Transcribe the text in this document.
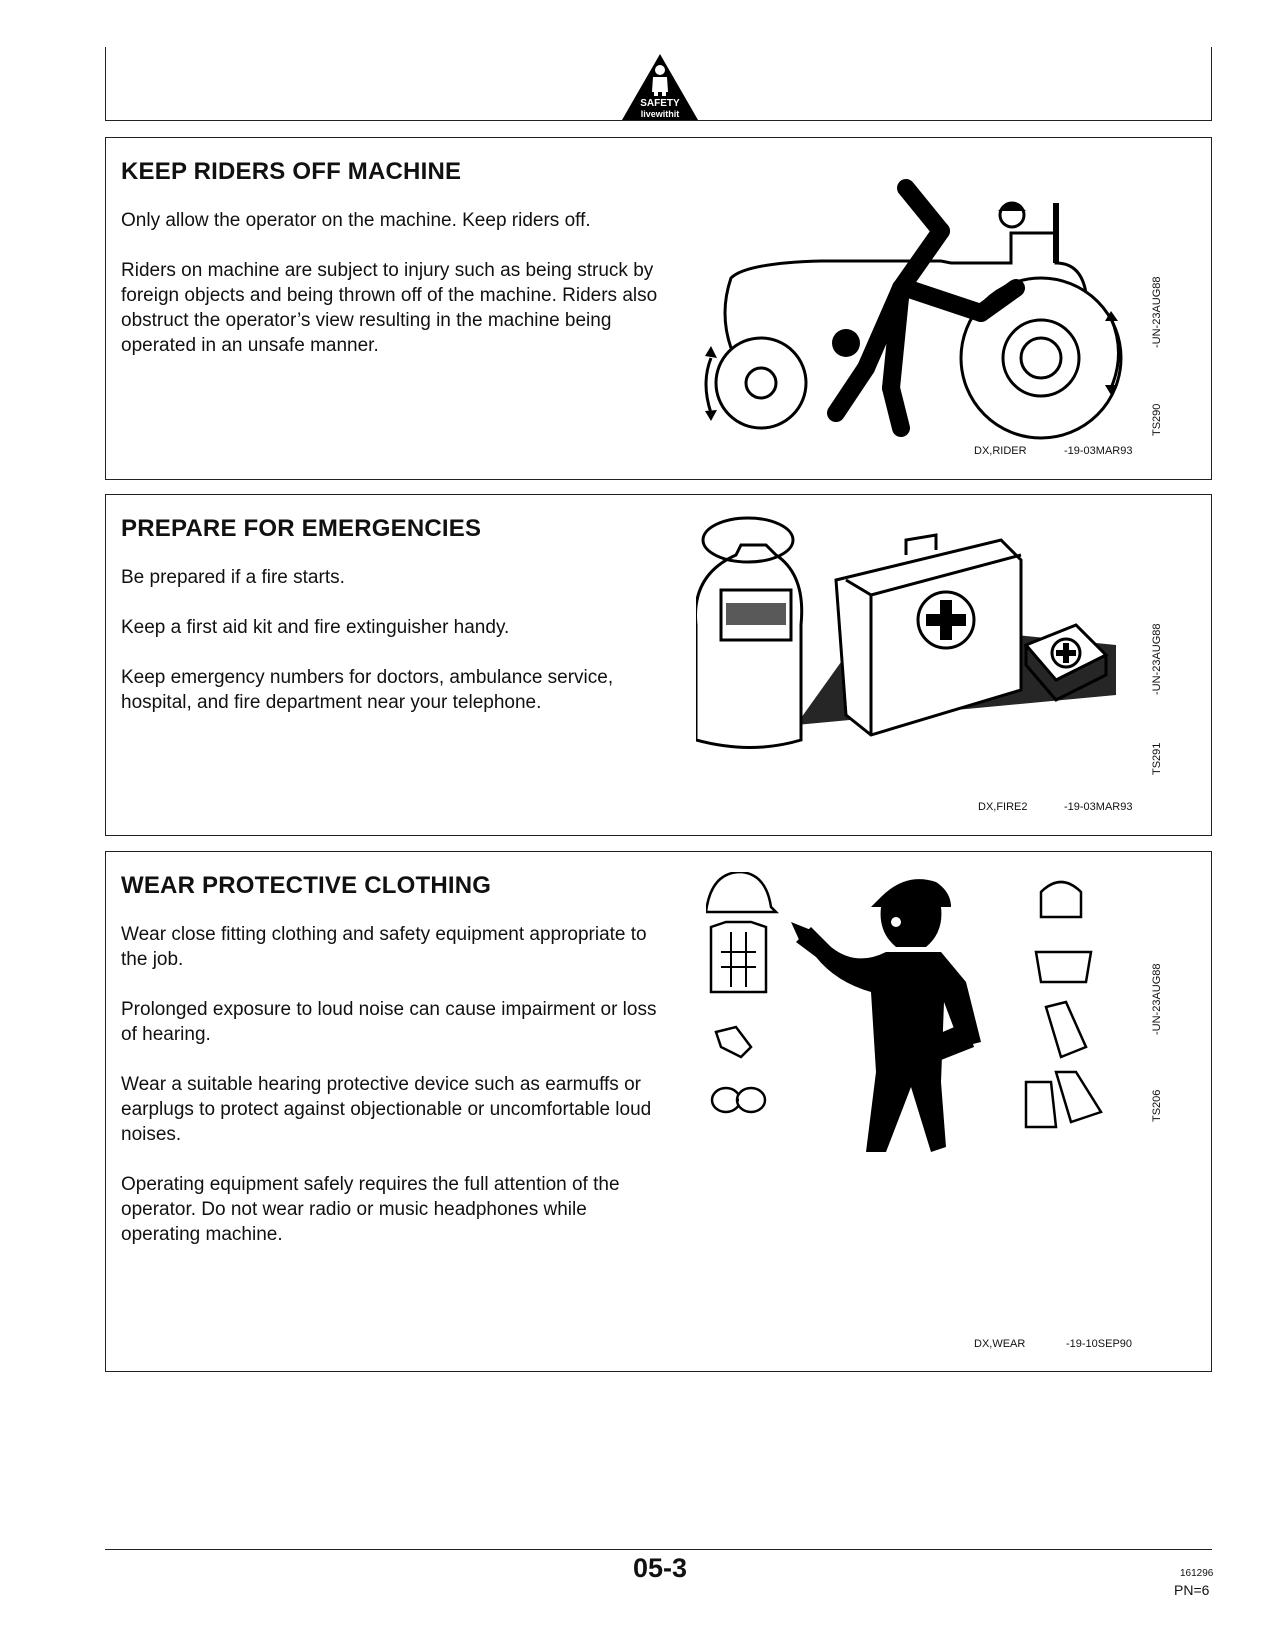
SAFETY
livewithit
KEEP RIDERS OFF MACHINE

Only allow the operator on the machine. Keep riders off.

Riders on machine are subject to injury such as being struck by foreign objects and being thrown off of the machine. Riders also obstruct the operator’s view resulting in the machine being operated in an unsafe manner.

TS290
-UN-23AUG88
DX,RIDER	-19-03MAR93
PREPARE FOR EMERGENCIES

Be prepared if a fire starts.

Keep a first aid kit and fire extinguisher handy.

Keep emergency numbers for doctors, ambulance service, hospital, and fire department near your telephone.

TS291
-UN-23AUG88
DX,FIRE2	-19-03MAR93
WEAR PROTECTIVE CLOTHING

Wear close fitting clothing and safety equipment appropriate to the job.

Prolonged exposure to loud noise can cause impairment or loss of hearing.

Wear a suitable hearing protective device such as earmuffs or earplugs to protect against objectionable or uncomfortable loud noises.

Operating equipment safely requires the full attention of the operator. Do not wear radio or music headphones while operating machine.

TS206
-UN-23AUG88
DX,WEAR	-19-10SEP90
05-3	161296
PN=6
